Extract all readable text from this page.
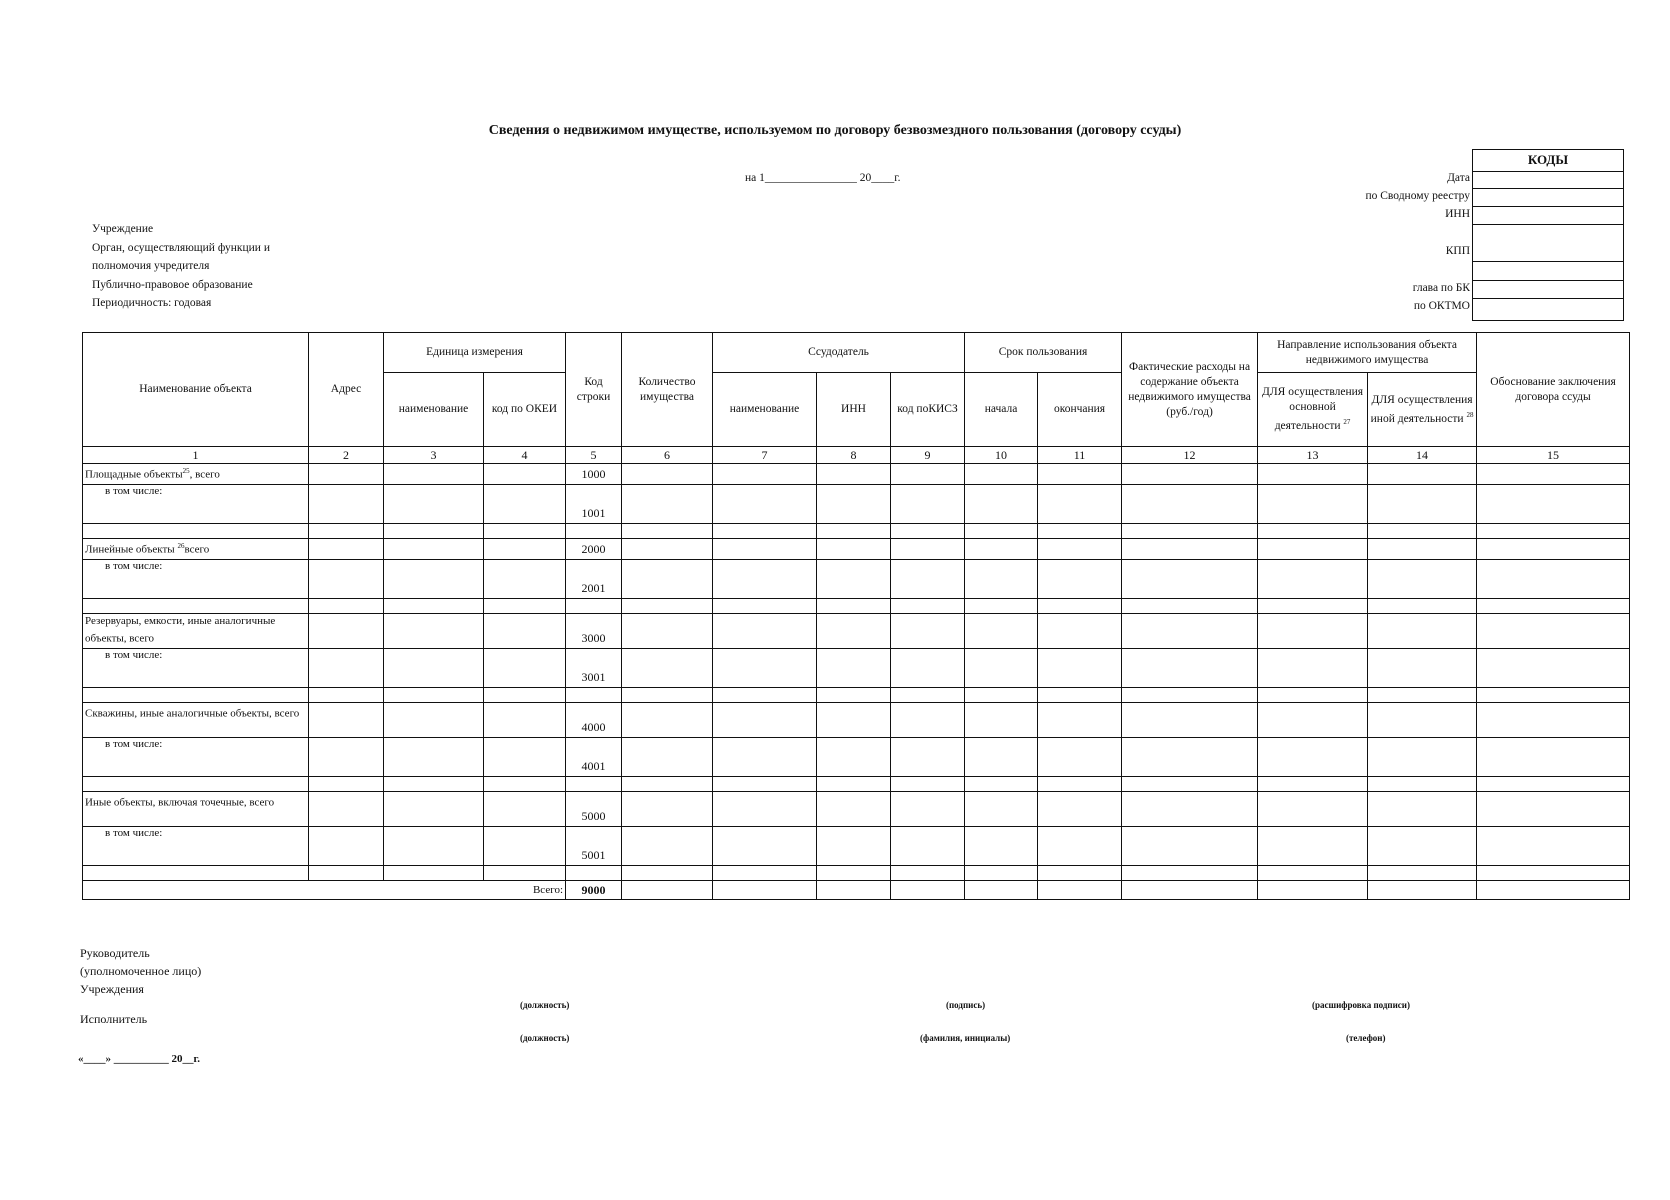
Сведения о недвижимом имуществе, используемом по договору безвозмездного пользования (договору ссуды)
на 1________________ 20____г.
Учреждение
Орган, осуществляющий функции и
полномочия учредителя
Публично-правовое образование
Периодичность: годовая
КОДЫ
Дата
по Сводному реестру
ИНН
КПП
глава по БК
по ОКТМО
Наименование объекта	Адрес	Единица измерения		Код строки	Количество имущества	Ссудодатель			Срок пользования		Фактические расходы на содержание объекта недвижимого имущества (руб./год)	Направление использования объекта недвижимого имущества		Обоснование заключения договора ссуды
		наименование	код по ОКЕИ			наименование	ИНН	код поКИСЗ	начала	окончания		ДЛЯ осуществления основной деятельности $^{27}$	ДЛЯ осуществления иной деятельности $^{28}$
1	2	3	4	5	6	7	8	9	10	11	12	13	14	15
Площадные объекты$^{25}$, всего				1000										
в том числе:				1001										

Линейные объекты $^{26}$всего				2000										
в том числе:				2001										

Резервуары, емкости, иные аналогичные объекты, всего				3000										
в том числе:				3001										

Скважины, иные аналогичные объекты, всего				4000										
в том числе:				4001										

Иные объекты, включая точечные, всего				5000										
в том числе:				5001										

Всего:				9000										
Руководитель
(уполномоченное лицо)
Учреждения
(должность)	(подпись)	(расшифровка подписи)
Исполнитель
(должность)	(фамилия, инициалы)	(телефон)
«____» __________ 20__г.
